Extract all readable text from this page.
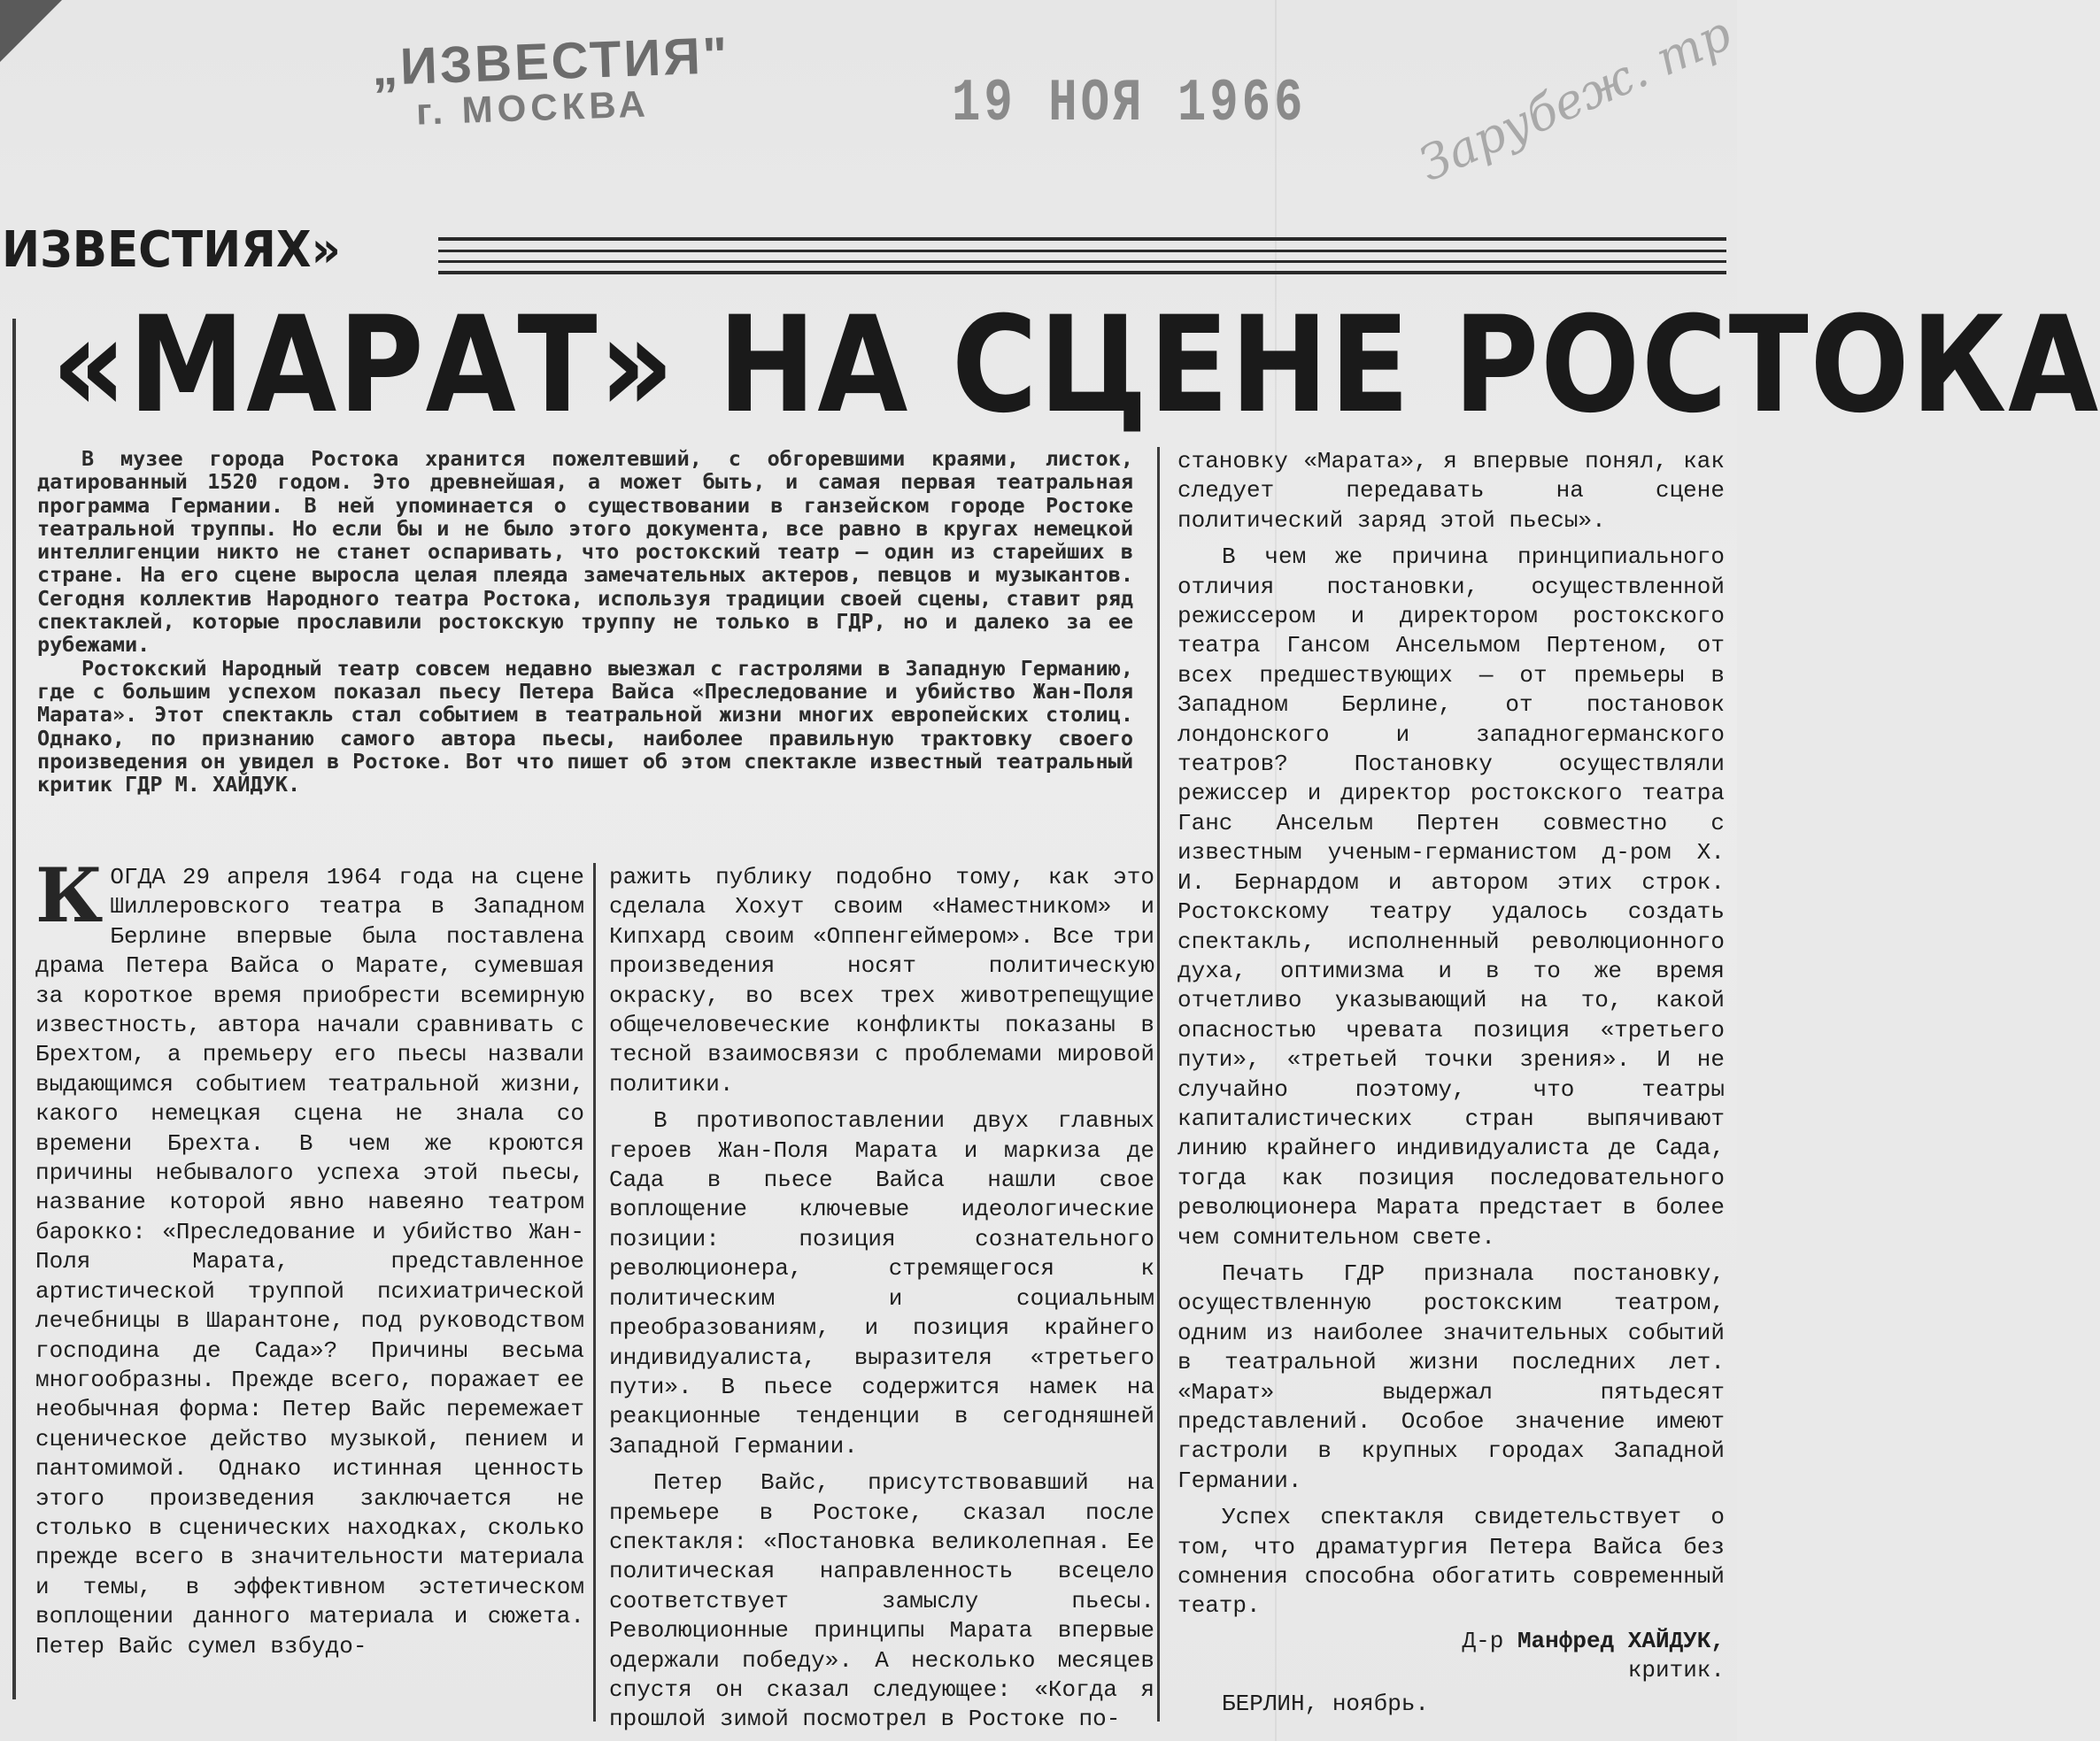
„ИЗВЕСТИЯ"
г. МОСКВА	19 НОЯ 1966 Зарубеж. тр
ИЗВЕСТИЯХ»
«МАРАТ» НА СЦЕНЕ РОСТОКА

В музее города Ростока хранится пожелтевший, с обгоревшими краями, листок, датированный 1520 годом. Это древнейшая, а может быть, и самая первая театральная программа Германии. В ней упоминается о существовании в ганзейском городе Ростоке театральной труппы. Но если бы и не было этого документа, все равно в кругах немецкой интеллигенции никто не станет оспаривать, что ростокский театр — один из старейших в стране. На его сцене выросла целая плеяда замечательных актеров, певцов и музыкантов. Сегодня коллектив Народного театра Ростока, используя традиции своей сцены, ставит ряд спектаклей, которые прославили ростокскую труппу не только в ГДР, но и далеко за ее рубежами.

Ростокский Народный театр совсем недавно выезжал с гастролями в Западную Германию, где с большим успехом показал пьесу Петера Вайса «Преследование и убийство Жан-Поля Марата». Этот спектакль стал событием в театральной жизни многих европейских столиц. Однако, по признанию самого автора пьесы, наиболее правильную трактовку своего произведения он увидел в Ростоке. Вот что пишет об этом спектакле известный театральный критик ГДР М. ХАЙДУК.

КОГДА 29 апреля 1964 года на сцене Шиллеровского театра в Западном Берлине впервые была поставлена драма Петера Вайса о Марате, сумевшая за короткое время приобрести всемирную известность, автора начали сравнивать с Брехтом, а премьеру его пьесы назвали выдающимся событием театральной жизни, какого немецкая сцена не знала со времени Брехта. В чем же кроются причины небывалого успеха этой пьесы, название которой явно навеяно театром барокко: «Преследование и убийство Жан-Поля Марата, представленное артистической труппой психиатрической лечебницы в Шарантоне, под руководством господина де Сада»? Причины весьма многообразны. Прежде всего, поражает ее необычная форма: Петер Вайс перемежает сценическое действо музыкой, пением и пантомимой. Однако истинная ценность этого произведения заключается не столько в сценических находках, сколько прежде всего в значительности материала и темы, в эффективном эстетическом воплощении данного материала и сюжета. Петер Вайс сумел взбудо-

ражить публику подобно тому, как это сделала Хохут своим «Наместником» и Кипхард своим «Оппенгеймером». Все три произведения носят политическую окраску, во всех трех животрепещущие общечеловеческие конфликты показаны в тесной взаимосвязи с проблемами мировой политики.

В противопоставлении двух главных героев Жан-Поля Марата и маркиза де Сада в пьесе Вайса нашли свое воплощение ключевые идеологические позиции: позиция сознательного революционера, стремящегося к политическим и социальным преобразованиям, и позиция крайнего индивидуалиста, выразителя «третьего пути». В пьесе содержится намек на реакционные тенденции в сегодняшней Западной Германии.

Петер Вайс, присутствовавший на премьере в Ростоке, сказал после спектакля: «Постановка великолепная. Ее политическая направленность всецело соответствует замыслу пьесы. Революционные принципы Марата впервые одержали победу». А несколько месяцев спустя он сказал следующее: «Когда я прошлой зимой посмотрел в Ростоке по-

становку «Марата», я впервые понял, как следует передавать на сцене политический заряд этой пьесы».

В чем же причина принципиального отличия постановки, осуществленной режиссером и директором ростокского театра Гансом Ансельмом Пертеном, от всех предшествующих — от премьеры в Западном Берлине, от постановок лондонского и западногерманского театров? Постановку осуществляли режиссер и директор ростокского театра Ганс Ансельм Пертен совместно с известным ученым-германистом д-ром Х. И. Бернардом и автором этих строк. Ростокскому театру удалось создать спектакль, исполненный революционного духа, оптимизма и в то же время отчетливо указывающий на то, какой опасностью чревата позиция «третьего пути», «третьей точки зрения». И не случайно поэтому, что театры капиталистических стран выпячивают линию крайнего индивидуалиста де Сада, тогда как позиция последовательного революционера Марата предстает в более чем сомнительном свете.

Печать ГДР признала постановку, осуществленную ростокским театром, одним из наиболее значительных событий в театральной жизни последних лет. «Марат» выдержал пятьдесят представлений. Особое значение имеют гастроли в крупных городах Западной Германии.

Успех спектакля свидетельствует о том, что драматургия Петера Вайса без сомнения способна обогатить современный театр.

Д-р Манфред ХАЙДУК,
критик.
БЕРЛИН, ноябрь.
